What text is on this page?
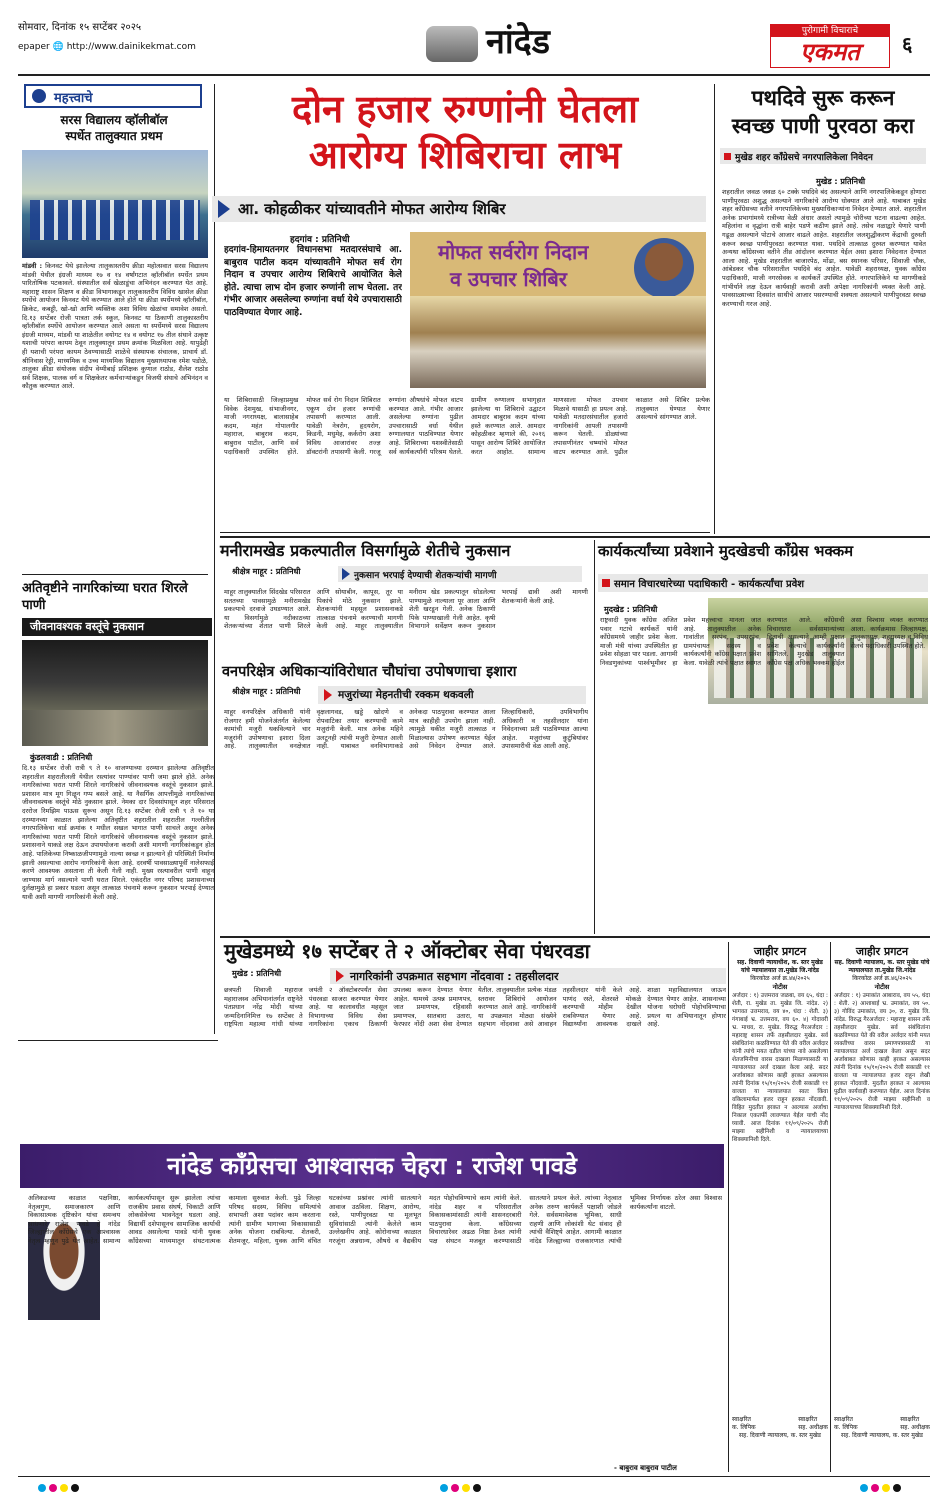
सोमवार, दिनांक १५ सप्टेंबर २०२५
epaper 🌐 http://www.dainikekmat.com	नांदेड	पुरोगामी विचाराचे
एकमत	६
महत्त्वाचे
सरस विद्यालय व्हॉलीबॉल
स्पर्धेत तालुक्यात प्रथम
मांडवी : किनवट येथे झालेल्या तालुकास्तरीय क्रीडा महोत्सवात सरस विद्यालय मांडवी येथील इंग्रजी माध्यम १७ व १४ वर्षांगटात व्हॉलीबॉल स्पर्धेत प्रथम पारितोषिक पटकावले. संस्थातील सर्व खेळाडूंचा अभिनंदन करण्यात येत आहे. महाराष्ट्र शासन शिक्षण व क्रीडा विभागाकडून तालुकास्तरीय विविध खासेल क्रीडा स्पर्धेचे आयोजन किनवट येथे करण्यात आले होते या क्रीडा स्पर्धेमध्ये व्हॉलीबॉल, क्रिकेट, कबड्डी, खो-खो आणि व्यक्तिक अशा विविध खेळांचा समावेश असतो. दि.१३ सप्टेंबर रोजी पात्रता तर्क स्कूल, किनवट या ठिकाणी तालुकास्तरीय व्हॉलीबॉल स्पर्धेचे आयोजन करण्यात आले असता या स्पर्धेमध्ये सरस विद्यालय इंग्रजी माध्यम, मांडवी या शाळेतील वयोगट १४ व वयोगट १७ तील संघाने उत्कृष्ट यशाची परंपरा कायम ठेवून तालुक्यातून प्रथम क्रमांक मिळविला आहे. यापुढेही ही यशाची परंपरा कायम ठेवण्यासाठी शाळेचे संस्थापक संचालक, प्राचार्य डॉ. श्रीनिवास रेड्डी, माध्यमिक व उच्च माध्यमिक विद्यालय मुख्याध्यापक रमेश पडोळे, तालुका क्रीडा संयोजक संदीप वेग्मीबाई प्रशिक्षक कुणाल राठोड, शैलेश राठोड सर्व शिक्षक, पालक वर्ग व शिक्षकेतर कर्मचाऱ्यांकडून विजयी संघाचे अभिनंदन व कौतुक करण्यात आले.
अतिवृष्टीने नागरिकांच्या घरात शिरले पाणी
जीवनावश्यक वस्तूंचे नुकसान
कुंडलवाडी : प्रतिनिधी
दि.१३ सप्टेंबर रोजी रात्री ९ ते १० वाजण्याच्या दरम्यान झालेल्या अतिवृष्टीत शहरातील शहरातीलली येथील रस्त्यांवर पाण्यांवर पाणी जमा झाले होते. अनेक नागरिकांच्या घरात पाणी शिरले नागरिकांचे जीवनावश्यक वस्तूंचे नुकसान झाले. प्रशासन मात्र मूग गिळून गप्प बसले आहे. या नैसर्गिक आपत्तीमुळे नागरिकांच्या जीवनावश्यक वस्तूंचे मोठे नुकसान झाले. नेमका दार दिवसांपासून शहर परिसरात दररोज रिमझिम पाऊस सुरूच असून दि.१३ सप्टेंबर रोजी रात्री ९ ते १० या दरम्यानच्या काळात झालेल्या अतिवृष्टीत शहरातील शहरातील गल्लीतील नगरपालिकेचा वार्ड क्रमांक १ मधील सखल भागात पाणी साचले असून अनेक नागरिकांच्या घरात पाणी शिरले नागरिकांचे जीवनावश्यक वस्तूंचे नुकसान झाले. प्रशासनाने याकडे लक्ष देऊन उपाययोजना करावी अशी मागणी नागरिकांकडून होत आहे. पालिकेच्या निष्काळजीपणामुळे नाल्या स्वच्छ न झाल्याने ही परिस्थिती निर्माण झाली असल्याचा आरोप नागरिकांनी केला आहे. दरवर्षी पावसाळ्यापूर्वी नालेसफाई करणे आवश्यक असताना ती केली गेली नाही. मुख्य रस्त्यावरील पाणी वाहून जाण्यास मार्ग नसल्याने पाणी घरात शिरले. एकंदरीत नगर परिषद प्रशासनाच्या दुर्लक्षामुळे हा प्रकार घडला असून तात्काळ पंचनामे करून नुकसान भरपाई देण्यात यावी अशी मागणी नागरिकांनी केली आहे.
दोन हजार रुग्णांनी घेतला
आरोग्य शिबिराचा लाभ
आ. कोहळीकर यांच्यावतीने मोफत आरोग्य शिबिर
हदगांव : प्रतिनिधी
हदगांव-हिमायतनगर विधानसभा मतदारसंघाचे आ. बाबुराव पाटील कदम यांच्यावतीने मोफत सर्व रोग निदान व उपचार आरोग्य शिबिराचे आयोजित केले होते. त्याचा लाभ दोन हजार रुग्णांनी लाभ घेतला. तर गंभीर आजार असलेल्या रुग्णांना वर्धा येथे उपचारासाठी पाठविण्यात येणार आहे.
मोफत सर्वरोग निदान
व उपचार शिबिर
या शिबिरासाठी जिल्हाप्रमुख विवेक देशमुख, संभाजीनगर, माजी नगराध्यक्ष, बालासाहेब कदम, महंत गोपालगीर महाराज, बाबुराव कदम, बाबुराव पाटील, आणि सर्व पदाधिकारी उपस्थित होते. मोफत सर्व रोग निदान शिबिरात एकूण दोन हजार रुग्णांची तपासणी करण्यात आली. यावेळी नेत्ररोग, हृदयरोग, किडनी, मधुमेह, कर्करोग अशा विविध आजारांवर तज्ज्ञ डॉक्टरांनी तपासणी केली. गरजू रुग्णांना औषधांचे मोफत वाटप करण्यात आले. गंभीर आजार असलेल्या रुग्णांना पुढील उपचारासाठी वर्धा येथील रुग्णालयात पाठविण्यात येणार आहे. शिबिराच्या यशस्वीतेसाठी सर्व कार्यकर्त्यांनी परिश्रम घेतले. ग्रामीण रुग्णालय सभागृहात झालेल्या या शिबिराचे उद्घाटन आमदार बाबुराव कदम यांच्या हस्ते करण्यात आले. आमदार कोहळीकर म्हणाले की, २०१६ पासून आरोग्य शिबिरे आयोजित करत आहोत. सामान्य माणसाला मोफत उपचार मिळावे यासाठी हा प्रयत्न आहे. यावेळी मतदारसंघातील हजारो नागरिकांनी आपली तपासणी करून घेतली. डोळ्यांच्या तपासणीनंतर चष्म्यांचे मोफत वाटप करण्यात आले. पुढील काळात असे शिबिर प्रत्येक तालुक्यात घेण्यात येणार असल्याचे सांगण्यात आले.
पथदिवे सुरू करून
स्वच्छ पाणी पुरवठा करा
मुखेड शहर काँग्रेसचे नगरपालिकेला निवेदन
मुखेड : प्रतिनिधी
शहरातील जवळ जवळ ६० टक्के पथदिवे बंद असल्याने आणि नगरपालिकेकडून होणारा पाणीपुरवठा अशुद्ध असल्याने नागरिकांचे आरोग्य धोक्यात आले आहे. याबाबत मुखेड शहर काँग्रेसच्या वतीने नगरपालिकेच्या मुख्याधिकाऱ्यांना निवेदन देण्यात आले. शहरातील अनेक प्रभागांमध्ये रात्रीच्या वेळी अंधार असतो त्यामुळे चोरीच्या घटना वाढल्या आहेत. महिलांना व वृद्धांना रात्री बाहेर पडणे कठीण झाले आहे. तसेच नळाद्वारे येणारे पाणी गढूळ असल्याने पोटाचे आजार वाढले आहेत. शहरातील जलशुद्धीकरण केंद्राची दुरुस्ती करून स्वच्छ पाणीपुरवठा करण्यात यावा. पथदिवे तात्काळ दुरुस्त करण्यात यावेत अन्यथा काँग्रेसच्या वतीने तीव्र आंदोलन करण्यात येईल असा इशारा निवेदनात देण्यात आला आहे. मुखेड शहरातील बाजारपेठ, मोंढा, बस स्थानक परिसर, शिवाजी चौक, आंबेडकर चौक परिसरातील पथदिवे बंद आहेत. यावेळी शहराध्यक्ष, युवक काँग्रेस पदाधिकारी, माजी नगरसेवक व कार्यकर्ते उपस्थित होते. नगरपालिकेने या मागणीकडे गांभीर्याने लक्ष देऊन कार्यवाही करावी अशी अपेक्षा नागरिकांनी व्यक्त केली आहे. पावसाळ्याच्या दिवसांत साथीचे आजार पसरण्याची शक्यता असल्याने पाणीपुरवठा स्वच्छ करण्याची गरज आहे.
मनीरामखेड प्रकल्पातील विसर्गामुळे शेतीचे नुकसान
श्रीक्षेत्र माहूर : प्रतिनिधी	नुकसान भरपाई देण्याची शेतकऱ्यांची मागणी
माहूर तालुक्यातील सिंदखेड परिसरात सततच्या पावसामुळे मनीरामखेड प्रकल्पाचे दरवाजे उघडण्यात आले. या विसर्गामुळे नदीकाठच्या शेतकऱ्यांच्या शेतात पाणी शिरले आणि सोयाबीन, कापूस, तूर या पिकांचे मोठे नुकसान झाले. शेतकऱ्यांनी महसूल प्रशासनाकडे तात्काळ पंचनामे करण्याची मागणी केली आहे. माहूर तालुक्यातील मनीराम खेड प्रकल्पातून सोडलेल्या पाण्यामुळे नाल्याला पूर आला आणि शेती खरडून गेली. अनेक ठिकाणी पिके पाण्याखाली गेली आहेत. कृषी विभागाने सर्वेक्षण करून नुकसान भरपाई द्यावी अशी मागणी शेतकऱ्यांनी केली आहे.
वनपरिक्षेत्र अधिकाऱ्यांविरोधात चौघांचा उपोषणाचा इशारा
श्रीक्षेत्र माहूर : प्रतिनिधी	मजुरांच्या मेहनतीची रक्कम थकवली
माहूर वनपरिक्षेत्र अधिकारी यांनी रोजगार हमी योजनेअंतर्गत केलेल्या कामांची मजुरी थकविल्याने चार मजुरांनी उपोषणाचा इशारा दिला आहे. तालुक्यातील वनक्षेत्रात वृक्षलागवड, खड्डे खोदणे व रोपवाटिका तयार करण्याची कामे मजुरांनी केली. मात्र अनेक महिने उलटूनही त्यांची मजुरी देण्यात आली नाही. याबाबत वनविभागाकडे अनेकदा पाठपुरावा करण्यात आला मात्र काहीही उपयोग झाला नाही. त्यामुळे थकीत मजुरी तात्काळ न मिळाल्यास उपोषण करण्यात येईल असे निवेदन देण्यात आले. जिल्हाधिकारी, उपविभागीय अधिकारी व तहसीलदार यांना निवेदनाच्या प्रती पाठविण्यात आल्या आहेत. मजुरांच्या कुटुंबियांवर उपासमारीची वेळ आली आहे.
कार्यकर्त्यांच्या प्रवेशाने मुदखेडची काँग्रेस भक्कम
समान विचारधारेच्या पदाधिकारी - कार्यकर्त्यांचा प्रवेश
मुदखेड : प्रतिनिधी
राष्ट्रवादी युवक काँग्रेस अजित पवार गटाचे कार्यकर्ते यांनी काँग्रेसमध्ये जाहीर प्रवेश केला. माजी मंत्री यांच्या उपस्थितीत हा प्रवेश सोहळा पार पडला. आगामी निवडणुकांच्या पार्श्वभूमीवर हा प्रवेश महत्त्वाचा मानला जात आहे. तालुक्यातील अनेक गावांतील सरपंच, उपसरपंच, ग्रामपंचायत सदस्य व कार्यकर्त्यांनी काँग्रेस पक्षात प्रवेश केला. यावेळी त्यांचे पक्षात स्वागत करण्यात आले. काँग्रेसची विचारधारा सर्वसामान्यांच्या हिताची असल्याने आम्ही पक्षात प्रवेश केल्याचे कार्यकर्त्यांनी सांगितले. मुदखेड तालुक्यात काँग्रेस पक्ष अधिक भक्कम होईल असा विश्वास व्यक्त करण्यात आला. कार्यक्रमास जिल्हाध्यक्ष, तालुकाध्यक्ष, शहराध्यक्ष व विविध सेलचे पदाधिकारी उपस्थित होते.
मुखेडमध्ये १७ सप्टेंबर ते २ ऑक्टोबर सेवा पंधरवडा
मुखेड : प्रतिनिधी	नागरिकांनी उपक्रमात सहभाग नोंदवावा : तहसीलदार
छत्रपती शिवाजी महाराज महाराजस्व अभियानांतर्गत राष्ट्रनेते पंतप्रधान नरेंद्र मोदी यांच्या जन्मदिनानिमित्त १७ सप्टेंबर ते राष्ट्रपिता महात्मा गांधी यांच्या जयंती २ ऑक्टोबरपर्यंत सेवा पंधरवडा साजरा करण्यात येणार आहे. या कालावधीत महसूल विभागाच्या विविध सेवा नागरिकांना एकाच ठिकाणी उपलब्ध करून देण्यात येणार आहेत. यामध्ये उत्पन्न प्रमाणपत्र, जात प्रमाणपत्र, रहिवासी प्रमाणपत्र, सातबारा उतारा, फेरफार नोंदी अशा सेवा देण्यात येतील. तालुक्यातील प्रत्येक मंडळ स्तरावर शिबिरांचे आयोजन करण्यात आले आहे. नागरिकांनी या उपक्रमात मोठ्या संख्येने सहभाग नोंदवावा असे आवाहन तहसीलदार यांनी केले आहे. पाणंद रस्ते, शेतरस्ते मोकळे करण्याची मोहीम देखील राबविण्यात येणार आहे. विद्यार्थ्यांना आवश्यक दाखले शाळा महाविद्यालयात जाऊन देण्यात येणार आहेत. शासनाच्या योजना घरोघरी पोहोचविण्याचा प्रयत्न या अभियानातून होणार आहे.
जाहीर प्रगटन
सह. दिवाणी न्यायाधीश, क. स्तर मुखेड यांचे न्यायालयात ता.मुखेड जि.नांदेड
किरकोळ अर्ज क्र.४४/२०२५
नोटीस
अर्जदार : १) उत्तमराव जळबा, वय ६५, धंदा : शेती, रा. मुखेड ता. मुखेड जि. नांदेड. २) भागवत उत्तमराव, वय ४०, धंदा : शेती. ३) गंगाबाई भ्र. उत्तमराव, वय ६०. ४) गोदावरी भ्र. माधव, रा. मुखेड. विरुद्ध गैरअर्जदार : महाराष्ट्र शासन तर्फे तहसीलदार मुखेड. सर्व संबंधितांना कळविण्यात येते की वरील अर्जदार यांनी त्यांचे मयत वडील यांच्या नावे असलेल्या शेतजमिनीचा वारस दाखला मिळण्यासाठी या न्यायालयात अर्ज दाखल केला आहे. सदर अर्जाबाबत कोणास काही हरकत असल्यास त्यांनी दिनांक १५/१०/२०२५ रोजी सकाळी ११ वाजता या न्यायालयात स्वतः किंवा वकिलामार्फत हजर राहून हरकत नोंदवावी. विहित मुदतीत हरकत न आल्यास अर्जाचा निकाल एकतर्फी लावण्यात येईल याची नोंद घ्यावी. आज दिनांक ११/०९/२०२५ रोजी माझ्या सहीनिशी व न्यायालयाच्या शिक्क्यानिशी दिले.
स्वाक्षरित
क. लिपिक
स्वाक्षरित
सह. अधीक्षक
सह. दिवाणी न्यायालय, क. स्तर मुखेड
जाहीर प्रगटन
सह. दिवाणी न्यायालय, क. स्तर मुखेड यांचे न्यायालयात ता.मुखेड जि.नांदेड
किरकोळ अर्ज क्र.४६/२०२५
नोटीस
अर्जदार : १) उमाकांत आबाराव, वय ५५, धंदा : शेती. २) आशाबाई भ्र. उमाकांत, वय ५०. ३) गोविंद उमाकांत, वय ३०, रा. मुखेड जि. नांदेड. विरुद्ध गैरअर्जदार : महाराष्ट्र शासन तर्फे तहसीलदार मुखेड. सर्व संबंधितांना कळविण्यात येते की वरील अर्जदार यांनी मयत व्यक्तीच्या वारस प्रमाणपत्रासाठी या न्यायालयात अर्ज दाखल केला असून सदर अर्जाबाबत कोणास काही हरकत असल्यास त्यांनी दिनांक १५/१०/२०२५ रोजी सकाळी ११ वाजता या न्यायालयात हजर राहून लेखी हरकत नोंदवावी. मुदतीत हरकत न आल्यास पुढील कार्यवाही करण्यात येईल. आज दिनांक ११/०९/२०२५ रोजी माझ्या सहीनिशी व न्यायालयाच्या शिक्क्यानिशी दिले.
स्वाक्षरित
क. लिपिक
स्वाक्षरित
सह. अधीक्षक
सह. दिवाणी न्यायालय, क. स्तर मुखेड
नांदेड काँग्रेसचा आश्वासक चेहरा : राजेश पावडे
अलिकडच्या काळात पक्षनिष्ठा, नेतृत्वगुण, समाजकारण आणि विकासात्मक दृष्टिकोन यांचा समन्वय साधणारे राजेश पावडे हे नांदेड जिल्ह्यातील काँग्रेसचे एक आश्वासक नेतृत्व म्हणून पुढे येत आहेत. सामान्य कार्यकर्त्यापासून सुरू झालेला त्यांचा राजकीय प्रवास संघर्ष, चिकाटी आणि लोकसेवेच्या भावनेतून घडला आहे. विद्यार्थी दशेपासूनच सामाजिक कार्याची आवड असलेल्या पावडे यांनी युवक काँग्रेसच्या माध्यमातून संघटनात्मक कामाला सुरुवात केली. पुढे जिल्हा परिषद सदस्य, विविध समित्यांचे सभापती अशा पदांवर काम करताना त्यांनी ग्रामीण भागाच्या विकासासाठी अनेक योजना राबविल्या. शेतकरी, शेतमजूर, महिला, युवक आणि वंचित घटकांच्या प्रश्नांवर त्यांनी सातत्याने आवाज उठविला. शिक्षण, आरोग्य, रस्ते, पाणीपुरवठा या मूलभूत सुविधांसाठी त्यांनी केलेले काम उल्लेखनीय आहे. कोरोनाच्या काळात गरजूंना अन्नधान्य, औषधे व वैद्यकीय मदत पोहोचविण्याचे काम त्यांनी केले. नांदेड शहर व परिसरातील विकासकामांसाठी त्यांनी शासनदरबारी पाठपुरावा केला. काँग्रेसच्या विचारधारेवर अढळ निष्ठा ठेवत त्यांनी पक्ष संघटन मजबूत करण्यासाठी सातत्याने प्रयत्न केले. त्यांच्या नेतृत्वात अनेक तरुण कार्यकर्ते पक्षाशी जोडले गेले. सर्वसमावेशक भूमिका, साधी राहणी आणि लोकांशी थेट संवाद ही त्यांची वैशिष्ट्ये आहेत. आगामी काळात नांदेड जिल्ह्याच्या राजकारणात त्यांची भूमिका निर्णायक ठरेल असा विश्वास कार्यकर्त्यांना वाटतो.
- बाबुराव बाबुराव पाटील
